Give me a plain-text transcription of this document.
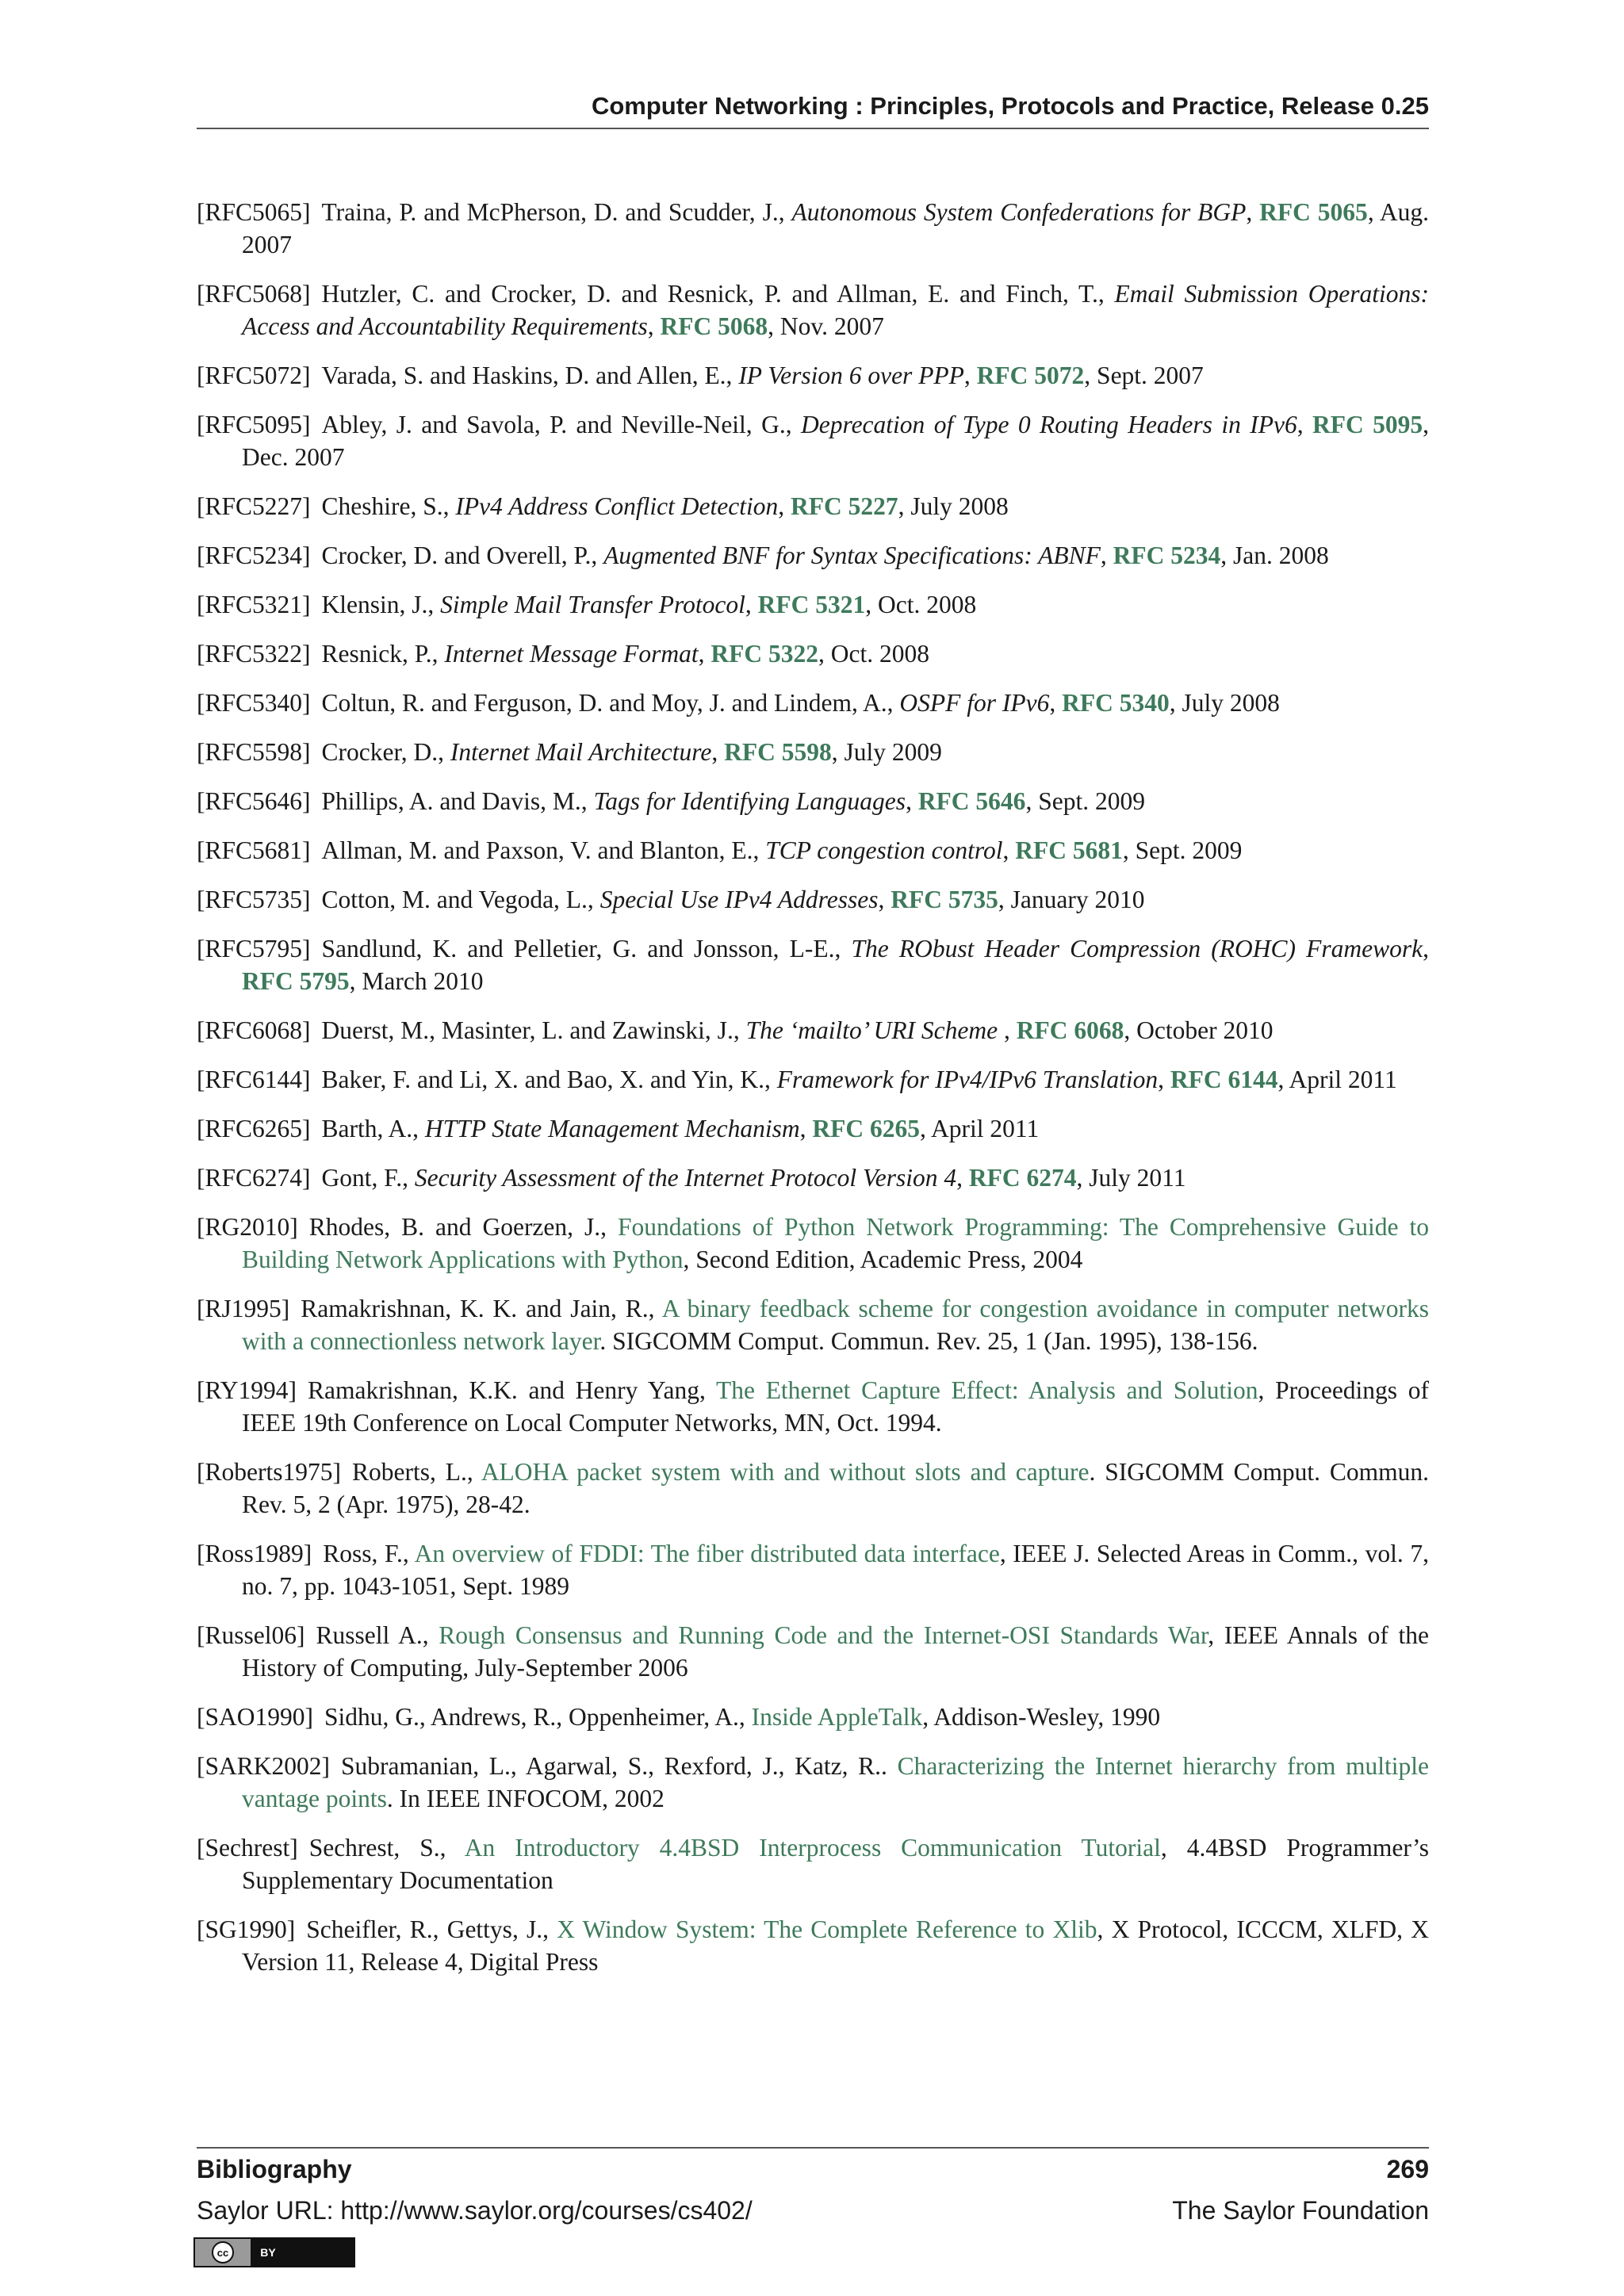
Computer Networking : Principles, Protocols and Practice, Release 0.25
[RFC5065] Traina, P. and McPherson, D. and Scudder, J., Autonomous System Confederations for BGP, RFC 5065, Aug. 2007
[RFC5068] Hutzler, C. and Crocker, D. and Resnick, P. and Allman, E. and Finch, T., Email Submission Operations: Access and Accountability Requirements, RFC 5068, Nov. 2007
[RFC5072] Varada, S. and Haskins, D. and Allen, E., IP Version 6 over PPP, RFC 5072, Sept. 2007
[RFC5095] Abley, J. and Savola, P. and Neville-Neil, G., Deprecation of Type 0 Routing Headers in IPv6, RFC 5095, Dec. 2007
[RFC5227] Cheshire, S., IPv4 Address Conflict Detection, RFC 5227, July 2008
[RFC5234] Crocker, D. and Overell, P., Augmented BNF for Syntax Specifications: ABNF, RFC 5234, Jan. 2008
[RFC5321] Klensin, J., Simple Mail Transfer Protocol, RFC 5321, Oct. 2008
[RFC5322] Resnick, P., Internet Message Format, RFC 5322, Oct. 2008
[RFC5340] Coltun, R. and Ferguson, D. and Moy, J. and Lindem, A., OSPF for IPv6, RFC 5340, July 2008
[RFC5598] Crocker, D., Internet Mail Architecture, RFC 5598, July 2009
[RFC5646] Phillips, A. and Davis, M., Tags for Identifying Languages, RFC 5646, Sept. 2009
[RFC5681] Allman, M. and Paxson, V. and Blanton, E., TCP congestion control, RFC 5681, Sept. 2009
[RFC5735] Cotton, M. and Vegoda, L., Special Use IPv4 Addresses, RFC 5735, January 2010
[RFC5795] Sandlund, K. and Pelletier, G. and Jonsson, L-E., The RObust Header Compression (ROHC) Framework, RFC 5795, March 2010
[RFC6068] Duerst, M., Masinter, L. and Zawinski, J., The ‘mailto’ URI Scheme , RFC 6068, October 2010
[RFC6144] Baker, F. and Li, X. and Bao, X. and Yin, K., Framework for IPv4/IPv6 Translation, RFC 6144, April 2011
[RFC6265] Barth, A., HTTP State Management Mechanism, RFC 6265, April 2011
[RFC6274] Gont, F., Security Assessment of the Internet Protocol Version 4, RFC 6274, July 2011
[RG2010] Rhodes, B. and Goerzen, J., Foundations of Python Network Programming: The Comprehensive Guide to Building Network Applications with Python, Second Edition, Academic Press, 2004
[RJ1995] Ramakrishnan, K. K. and Jain, R., A binary feedback scheme for congestion avoidance in computer networks with a connectionless network layer. SIGCOMM Comput. Commun. Rev. 25, 1 (Jan. 1995), 138-156.
[RY1994] Ramakrishnan, K.K. and Henry Yang, The Ethernet Capture Effect: Analysis and Solution, Proceedings of IEEE 19th Conference on Local Computer Networks, MN, Oct. 1994.
[Roberts1975] Roberts, L., ALOHA packet system with and without slots and capture. SIGCOMM Comput. Commun. Rev. 5, 2 (Apr. 1975), 28-42.
[Ross1989] Ross, F., An overview of FDDI: The fiber distributed data interface, IEEE J. Selected Areas in Comm., vol. 7, no. 7, pp. 1043-1051, Sept. 1989
[Russel06] Russell A., Rough Consensus and Running Code and the Internet-OSI Standards War, IEEE Annals of the History of Computing, July-September 2006
[SAO1990] Sidhu, G., Andrews, R., Oppenheimer, A., Inside AppleTalk, Addison-Wesley, 1990
[SARK2002] Subramanian, L., Agarwal, S., Rexford, J., Katz, R.. Characterizing the Internet hierarchy from multiple vantage points. In IEEE INFOCOM, 2002
[Sechrest] Sechrest, S., An Introductory 4.4BSD Interprocess Communication Tutorial, 4.4BSD Programmer’s Supplementary Documentation
[SG1990] Scheifler, R., Gettys, J., X Window System: The Complete Reference to Xlib, X Protocol, ICCCM, XLFD, X Version 11, Release 4, Digital Press
Bibliography	269
Saylor URL: http://www.saylor.org/courses/cs402/	The Saylor Foundation
cc	BY
